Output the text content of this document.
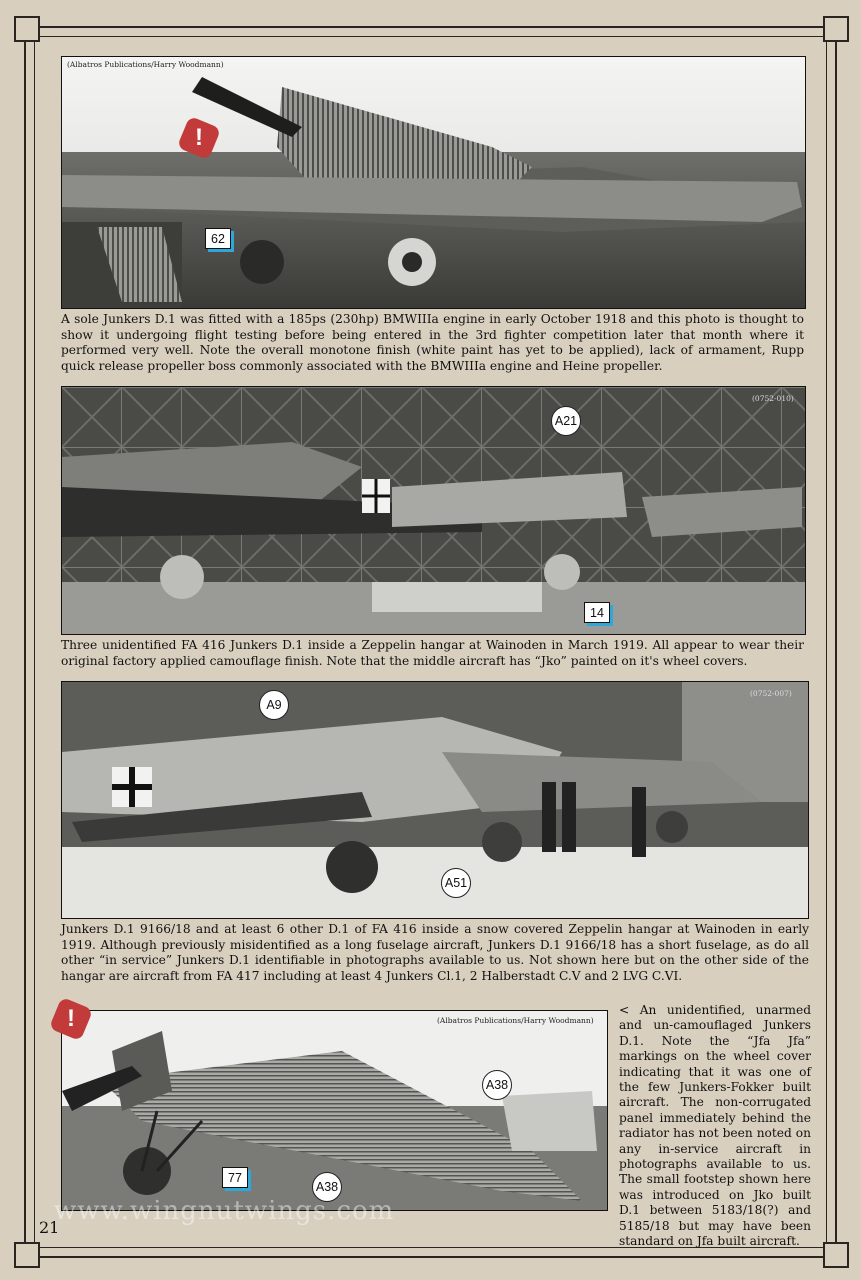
(Albatros Publications/Harry Woodmann)
!
62
A sole Junkers D.1 was fitted with a 185ps (230hp) BMWIIIa engine in early October 1918 and this photo is thought to show it undergoing flight testing before being entered in the 3rd fighter competition later that month where it performed very well. Note the overall monotone finish (white paint has yet to be applied), lack of armament, Rupp quick release propeller boss commonly associated with the BMWIIIa engine and Heine propeller.
(0752-010)
A21
14
Three unidentified FA 416 Junkers D.1 inside a Zeppelin hangar at Wainoden in March 1919. All appear to wear their original factory applied camouflage finish. Note that the middle aircraft has “Jko” painted on it's wheel covers.
(0752-007)
A9
A51
Junkers D.1 9166/18 and at least 6 other D.1 of FA 416 inside a snow covered Zeppelin hangar at Wainoden in early 1919. Although previously misidentified as a long fuselage aircraft, Junkers D.1 9166/18 has a short fuselage, as do all other “in service” Junkers D.1 identifiable in photographs available to us. Not shown here but on the other side of the hangar are aircraft from FA 417 including at least 4 Junkers Cl.1, 2 Halberstadt C.V and 2 LVG C.VI.
(Albatros Publications/Harry Woodmann)
!
A38
77
A38
< An unidentified, unarmed and un-camouflaged Junkers D.1. Note the “Jfa Jfa” markings on the wheel cover indicating that it was one of the few Junkers-Fokker built aircraft. The non-corrugated panel immediately behind the radiator has not been noted on any in-service aircraft in photographs available to us. The small footstep shown here was introduced on Jko built D.1 between 5183/18(?) and 5185/18 but may have been standard on Jfa built aircraft.
www.wingnutwings.com
21
